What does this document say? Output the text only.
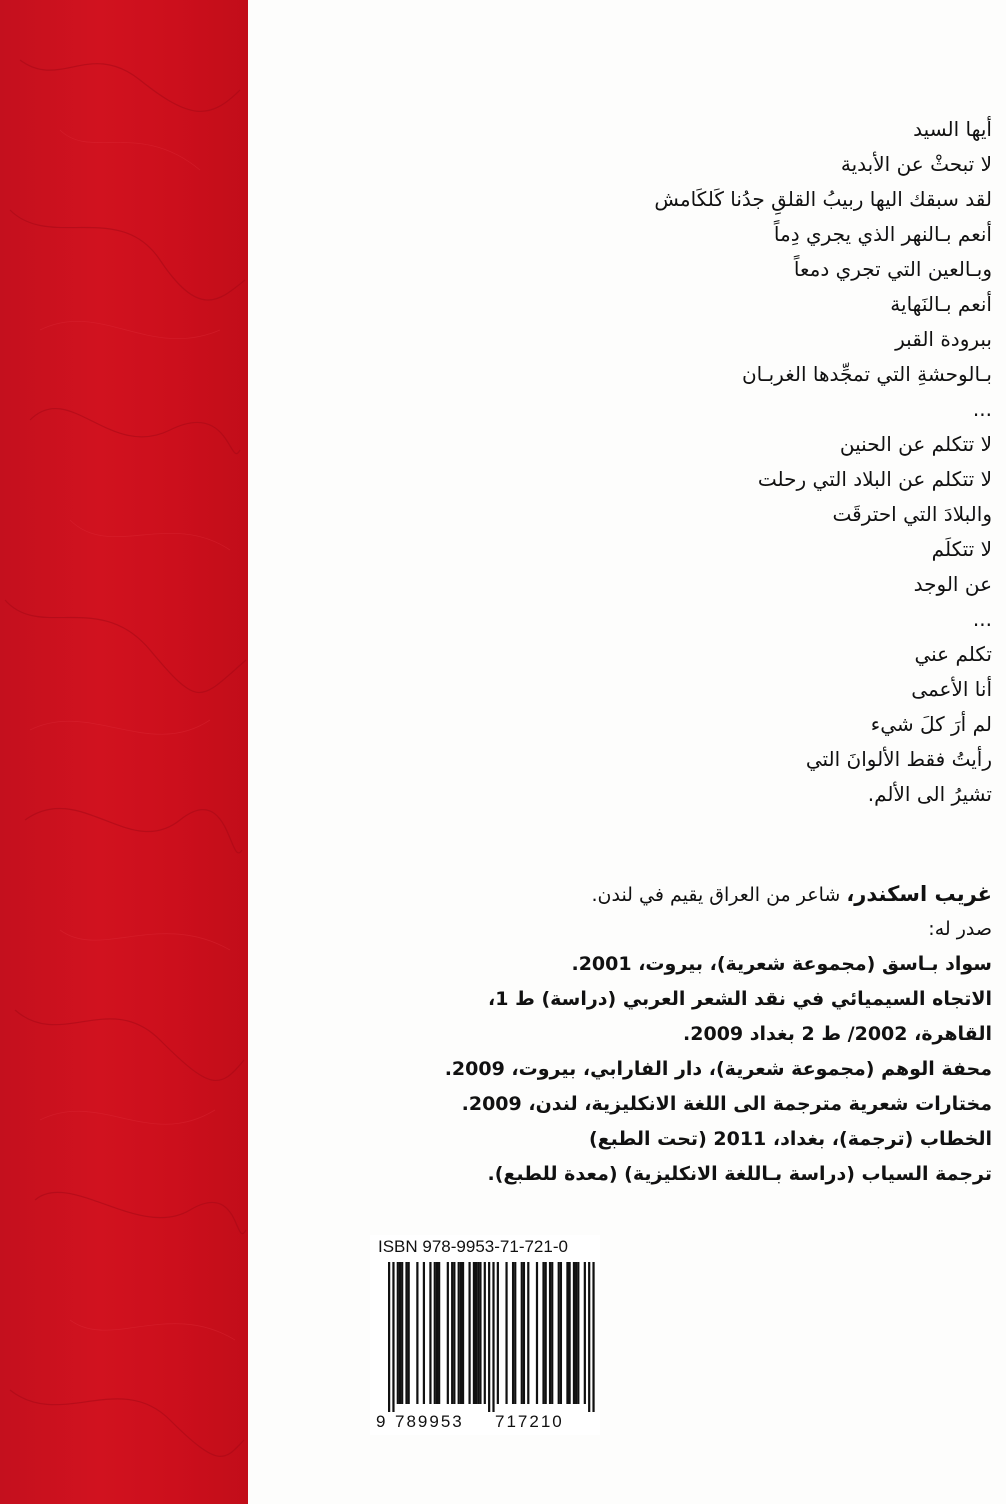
أيها السيد
لا تبحثْ عن الأبدية
لقد سبقك اليها ربيبُ القلقِ جدُنا كَلكَامش
أنعم بـالنهر الذي يجري دِماً
وبـالعين التي تجري دمعاً
أنعم بـالنَهاية
ببرودة القبر
بـالوحشةِ التي تمجِّدها الغربـان
...
لا تتكلم عن الحنين
لا تتكلم عن البلاد التي رحلت
والبلادَ التي احترقَت
لا تتكلَم
عن الوجد
...
تكلم عني
أنا الأعمى
لم أرَ كلَ شيء
رأيتُ فقط الألوانَ التي
تشيرُ الى الألم.
غريب اسكندر، شاعر من العراق يقيم في لندن.
صدر له:
سواد بـاسق (مجموعة شعرية)، بيروت، 2001.
الاتجاه السيميائي في نقد الشعر العربي (دراسة) ط 1،
القاهرة، 2002/ ط 2 بغداد 2009.
محفة الوهم (مجموعة شعرية)، دار الفارابي، بيروت، 2009.
مختارات شعرية مترجمة الى اللغة الانكليزية، لندن، 2009.
الخطاب (ترجمة)، بغداد، 2011 (تحت الطبع)
ترجمة السياب (دراسة بـاللغة الانكليزية) (معدة للطبع).
ISBN 978-9953-71-721-0
9 789953 717210
